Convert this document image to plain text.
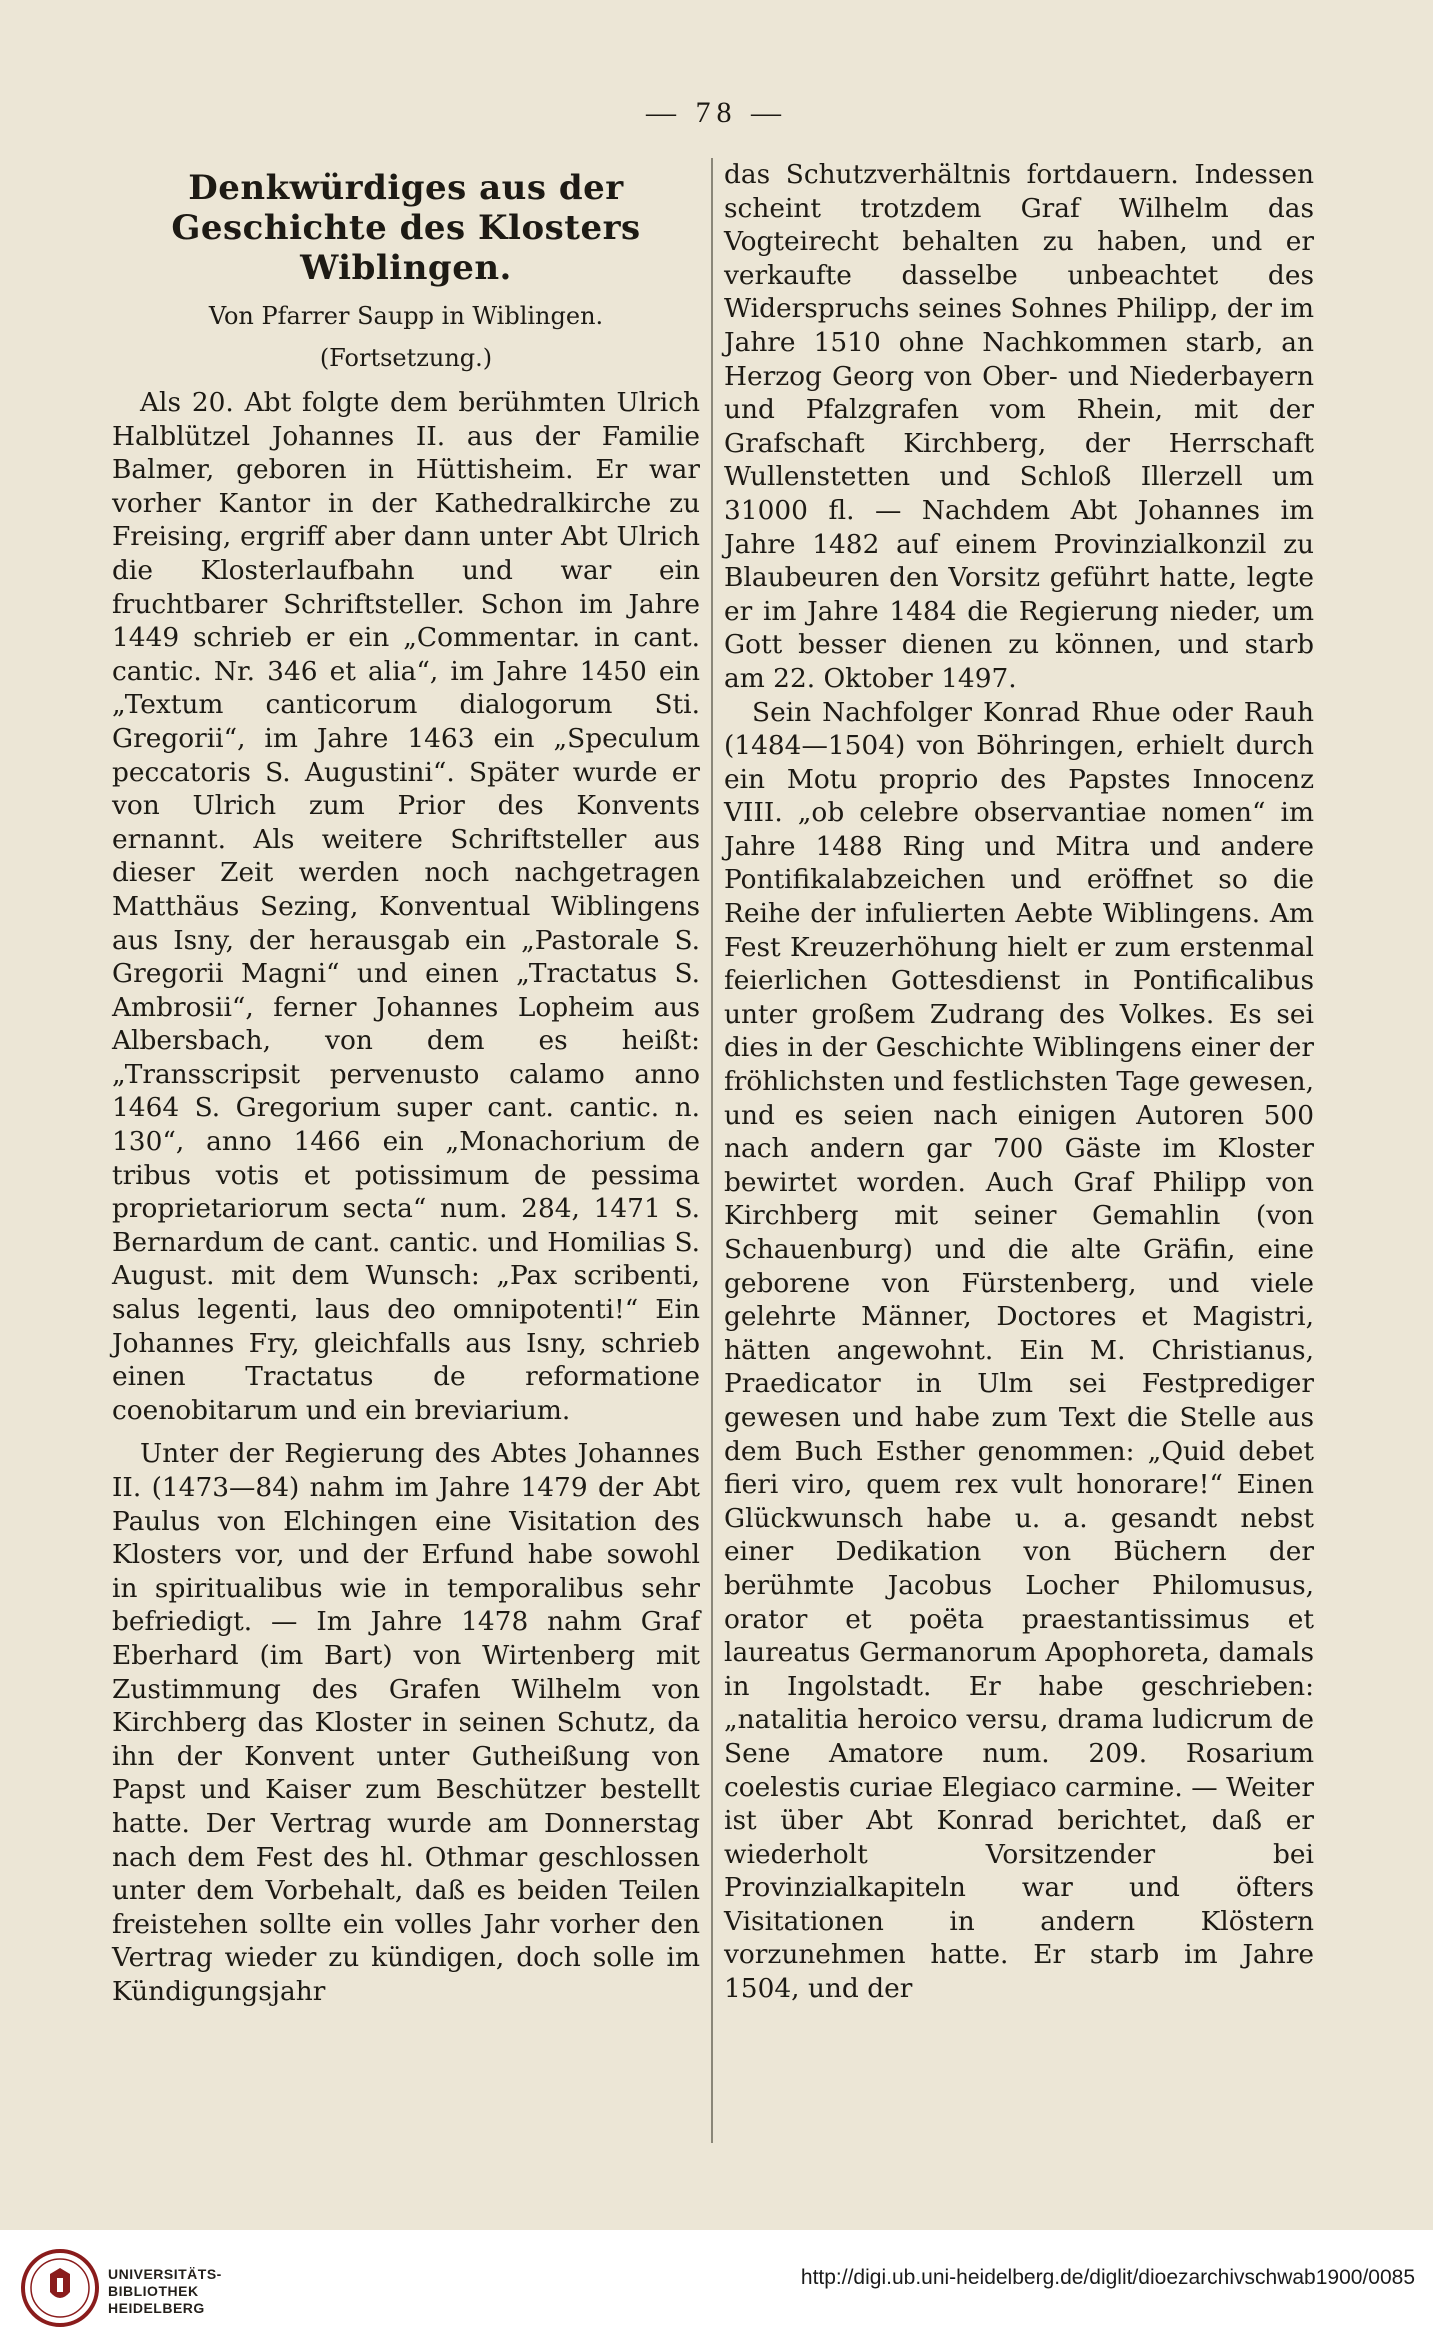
— 78 —
Denkwürdiges aus der Geschichte des Klosters Wiblingen.
Von Pfarrer Saupp in Wiblingen.
(Fortsetzung.)

Als 20. Abt folgte dem berühmten Ulrich Halblützel Johannes II. aus der Familie Balmer, geboren in Hüttisheim. Er war vorher Kantor in der Kathedralkirche zu Freising, ergriff aber dann unter Abt Ulrich die Klosterlaufbahn und war ein fruchtbarer Schriftsteller. Schon im Jahre 1449 schrieb er ein „Commentar. in cant. cantic. Nr. 346 et alia“, im Jahre 1450 ein „Textum canticorum dialogorum Sti. Gregorii“, im Jahre 1463 ein „Speculum peccatoris S. Augustini“. Später wurde er von Ulrich zum Prior des Konvents ernannt. Als weitere Schriftsteller aus dieser Zeit werden noch nachgetragen Matthäus Sezing, Konventual Wiblingens aus Isny, der herausgab ein „Pastorale S. Gregorii Magni“ und einen „Tractatus S. Ambrosii“, ferner Johannes Lopheim aus Albersbach, von dem es heißt: „Transscripsit pervenusto calamo anno 1464 S. Gregorium super cant. cantic. n. 130“, anno 1466 ein „Monachorium de tribus votis et potissimum de pessima proprietariorum secta“ num. 284, 1471 S. Bernardum de cant. cantic. und Homilias S. August. mit dem Wunsch: „Pax scribenti, salus legenti, laus deo omnipotenti!“ Ein Johannes Fry, gleichfalls aus Isny, schrieb einen Tractatus de reformatione coenobitarum und ein breviarium.

Unter der Regierung des Abtes Johannes II. (1473—84) nahm im Jahre 1479 der Abt Paulus von Elchingen eine Visitation des Klosters vor, und der Erfund habe sowohl in spiritualibus wie in temporalibus sehr befriedigt. — Im Jahre 1478 nahm Graf Eberhard (im Bart) von Wirtenberg mit Zustimmung des Grafen Wilhelm von Kirchberg das Kloster in seinen Schutz, da ihn der Konvent unter Gutheißung von Papst und Kaiser zum Beschützer bestellt hatte. Der Vertrag wurde am Donnerstag nach dem Fest des hl. Othmar geschlossen unter dem Vorbehalt, daß es beiden Teilen freistehen sollte ein volles Jahr vorher den Vertrag wieder zu kündigen, doch solle im Kündigungsjahr

das Schutzverhältnis fortdauern. Indessen scheint trotzdem Graf Wilhelm das Vogteirecht behalten zu haben, und er verkaufte dasselbe unbeachtet des Widerspruchs seines Sohnes Philipp, der im Jahre 1510 ohne Nachkommen starb, an Herzog Georg von Ober- und Niederbayern und Pfalzgrafen vom Rhein, mit der Grafschaft Kirchberg, der Herrschaft Wullenstetten und Schloß Illerzell um 31000 fl. — Nachdem Abt Johannes im Jahre 1482 auf einem Provinzialkonzil zu Blaubeuren den Vorsitz geführt hatte, legte er im Jahre 1484 die Regierung nieder, um Gott besser dienen zu können, und starb am 22. Oktober 1497.

Sein Nachfolger Konrad Rhue oder Rauh (1484—1504) von Böhringen, erhielt durch ein Motu proprio des Papstes Innocenz VIII. „ob celebre observantiae nomen“ im Jahre 1488 Ring und Mitra und andere Pontifikalabzeichen und eröffnet so die Reihe der infulierten Aebte Wiblingens. Am Fest Kreuzerhöhung hielt er zum erstenmal feierlichen Gottesdienst in Pontificalibus unter großem Zudrang des Volkes. Es sei dies in der Geschichte Wiblingens einer der fröhlichsten und festlichsten Tage gewesen, und es seien nach einigen Autoren 500 nach andern gar 700 Gäste im Kloster bewirtet worden. Auch Graf Philipp von Kirchberg mit seiner Gemahlin (von Schauenburg) und die alte Gräfin, eine geborene von Fürstenberg, und viele gelehrte Männer, Doctores et Magistri, hätten angewohnt. Ein M. Christianus, Praedicator in Ulm sei Festprediger gewesen und habe zum Text die Stelle aus dem Buch Esther genommen: „Quid debet fieri viro, quem rex vult honorare!“ Einen Glückwunsch habe u. a. gesandt nebst einer Dedikation von Büchern der berühmte Jacobus Locher Philomusus, orator et poëta praestantissimus et laureatus Germanorum Apophoreta, damals in Ingolstadt. Er habe geschrieben: „natalitia heroico versu, drama ludicrum de Sene Amatore num. 209. Rosarium coelestis curiae Elegiaco carmine. — Weiter ist über Abt Konrad berichtet, daß er wiederholt Vorsitzender bei Provinzialkapiteln war und öfters Visitationen in andern Klöstern vorzunehmen hatte. Er starb im Jahre 1504, und der

UNIVERSITÄTS-
BIBLIOTHEK
HEIDELBERG
http://digi.ub.uni-heidelberg.de/diglit/dioezarchivschwab1900/0085
